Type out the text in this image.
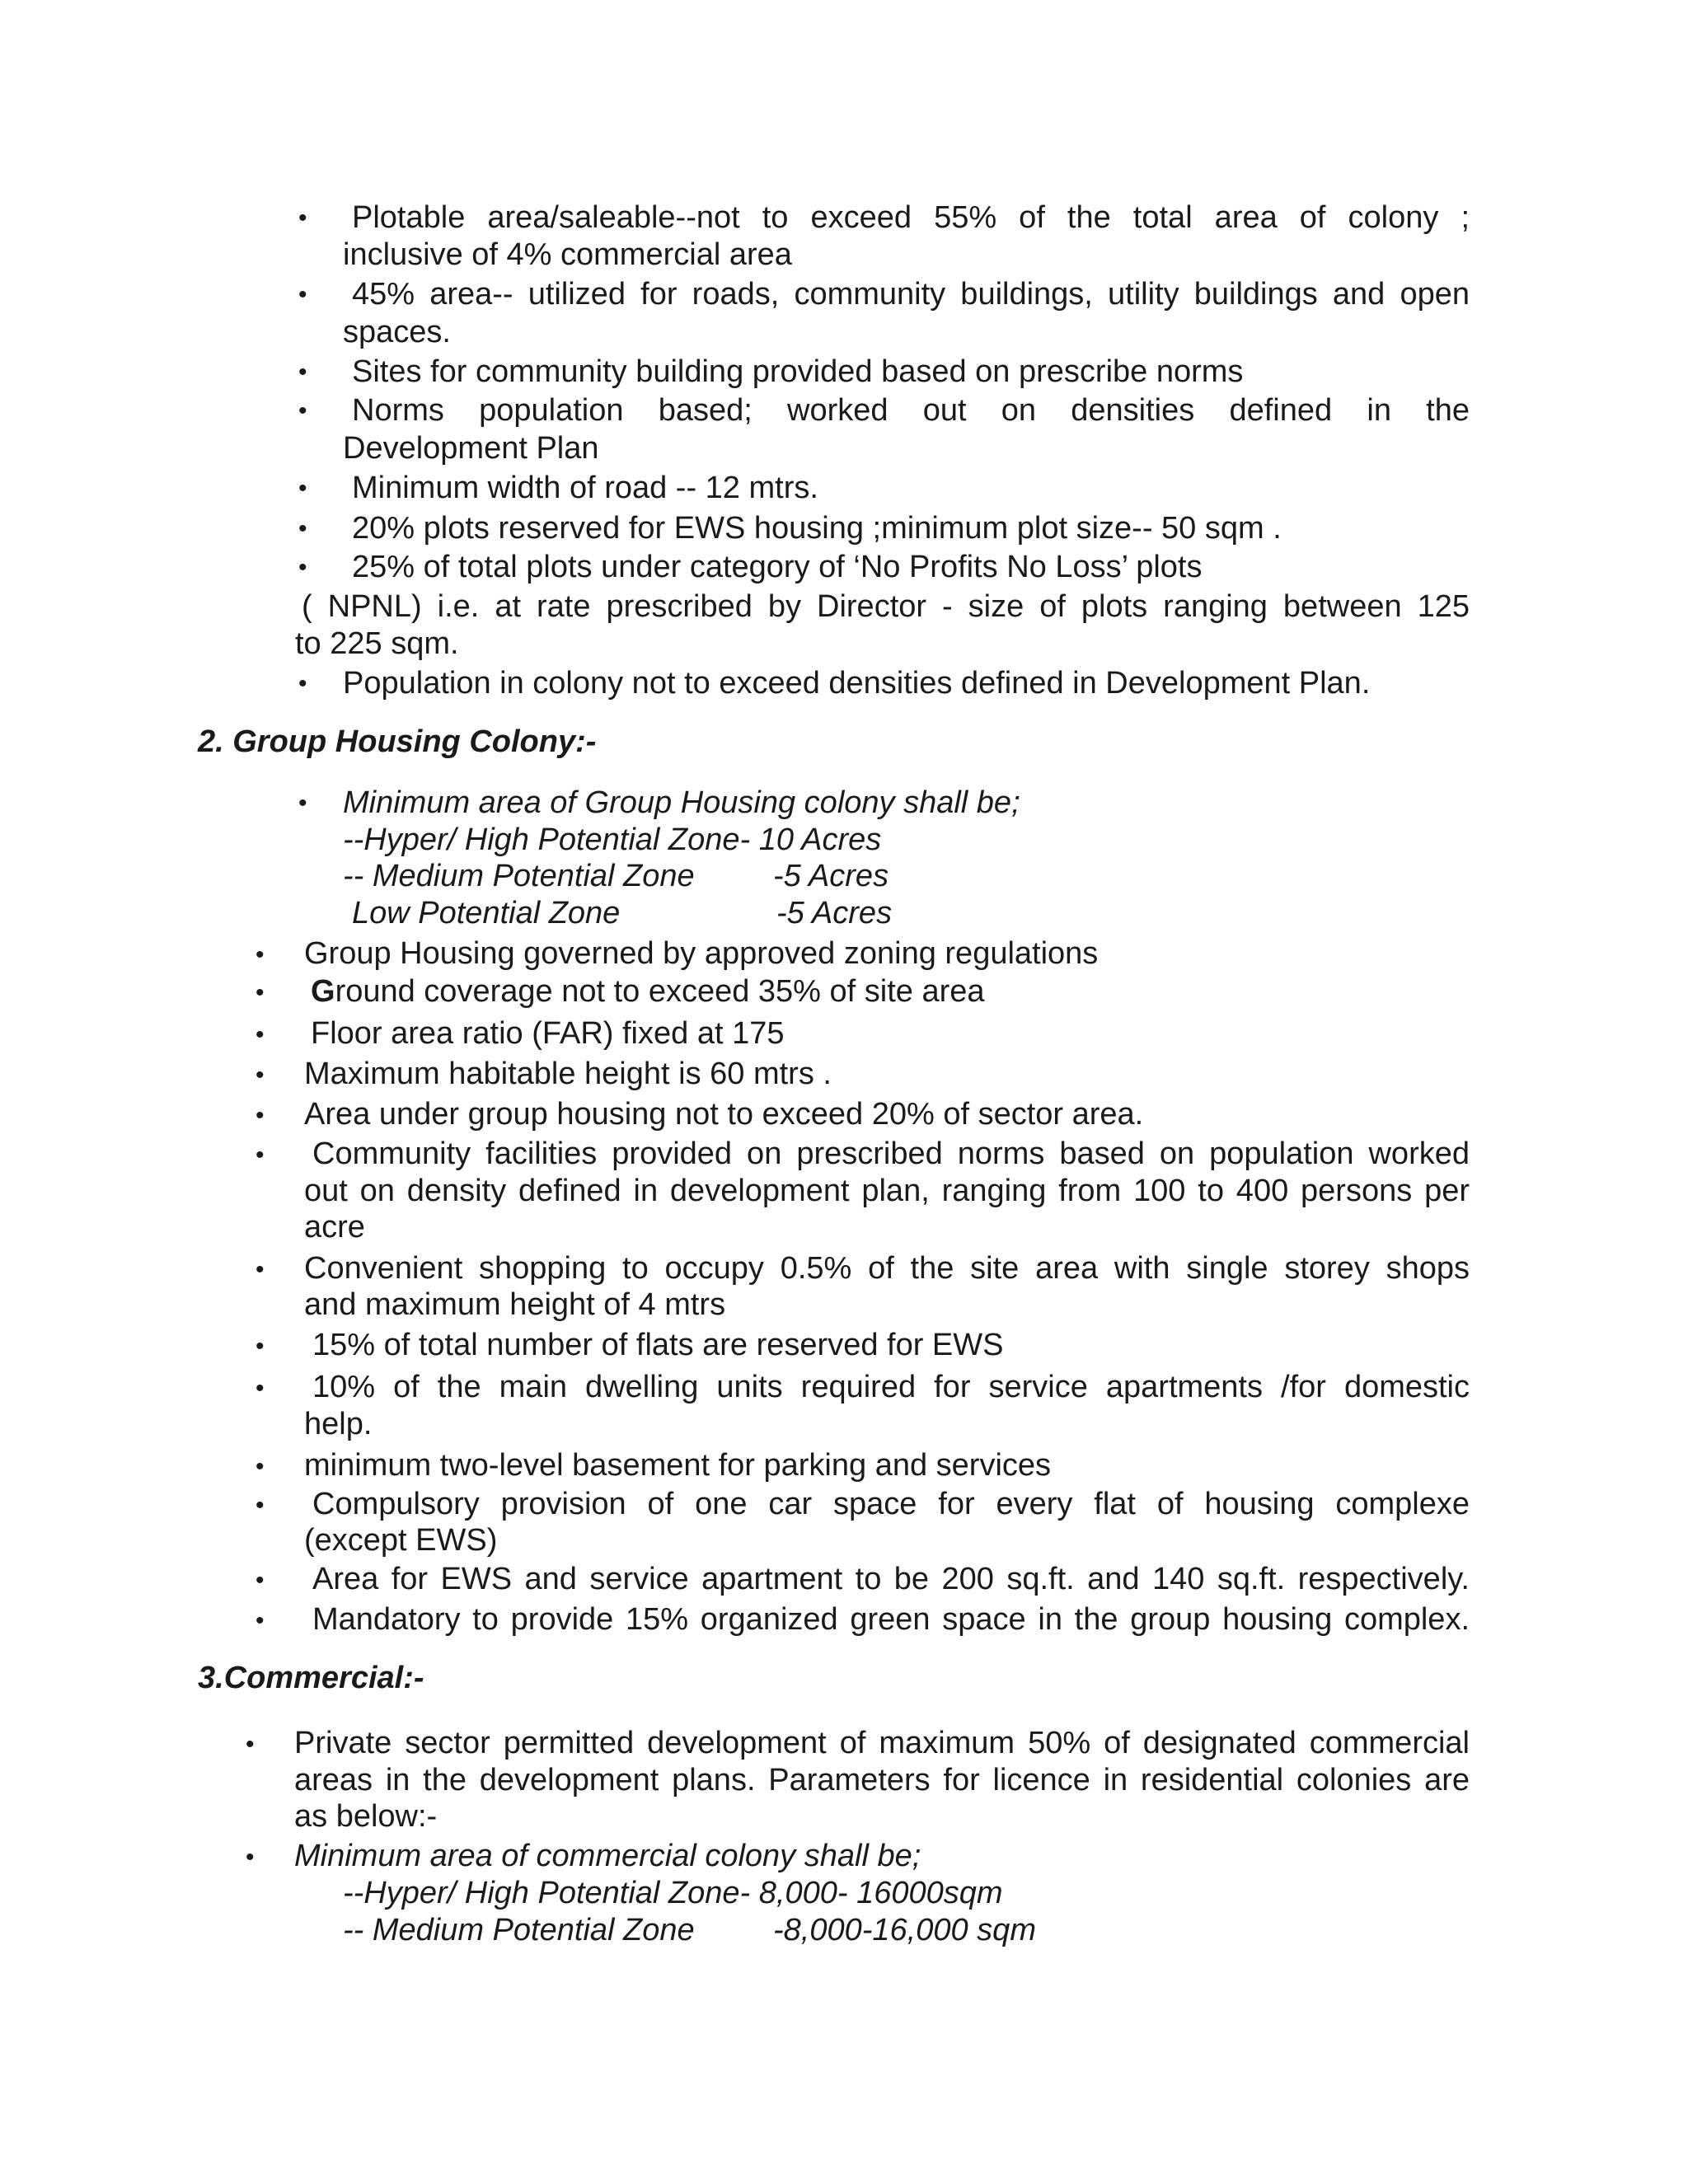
• Plotable area/saleable--not to exceed 55% of the total area of colony ;
inclusive of 4% commercial area
• 45% area-- utilized for roads, community buildings, utility buildings and open
spaces.
• Sites for community building provided based on prescribe norms
• Norms population based; worked out on densities defined in the
Development Plan
• Minimum width of road -- 12 mtrs.
• 20% plots reserved for EWS housing ;minimum plot size-- 50 sqm .
• 25% of total plots under category of ‘No Profits No Loss’ plots
( NPNL) i.e. at rate prescribed by Director - size of plots ranging between 125
to 225 sqm.
• Population in colony not to exceed densities defined in Development Plan.
2. Group Housing Colony:-
• Minimum area of Group Housing colony shall be;
--Hyper/ High Potential Zone- 10 Acres
-- Medium Potential Zone	-5 Acres
Low Potential Zone	-5 Acres
• Group Housing governed by approved zoning regulations
• Ground coverage not to exceed 35% of site area
• Floor area ratio (FAR) fixed at 175
• Maximum habitable height is 60 mtrs .
• Area under group housing not to exceed 20% of sector area.
• Community facilities provided on prescribed norms based on population worked
out on density defined in development plan, ranging from 100 to 400 persons per
acre
• Convenient shopping to occupy 0.5% of the site area with single storey shops
and maximum height of 4 mtrs
• 15% of total number of flats are reserved for EWS
• 10% of the main dwelling units required for service apartments /for domestic
help.
• minimum two-level basement for parking and services
• Compulsory provision of one car space for every flat of housing complexe
(except EWS)
• Area for EWS and service apartment to be 200 sq.ft. and 140 sq.ft. respectively.
• Mandatory to provide 15% organized green space in the group housing complex.
3.Commercial:-
• Private sector permitted development of maximum 50% of designated commercial
areas in the development plans. Parameters for licence in residential colonies are
as below:-
• Minimum area of commercial colony shall be;
--Hyper/ High Potential Zone- 8,000- 16000sqm
-- Medium Potential Zone	-8,000-16,000 sqm
